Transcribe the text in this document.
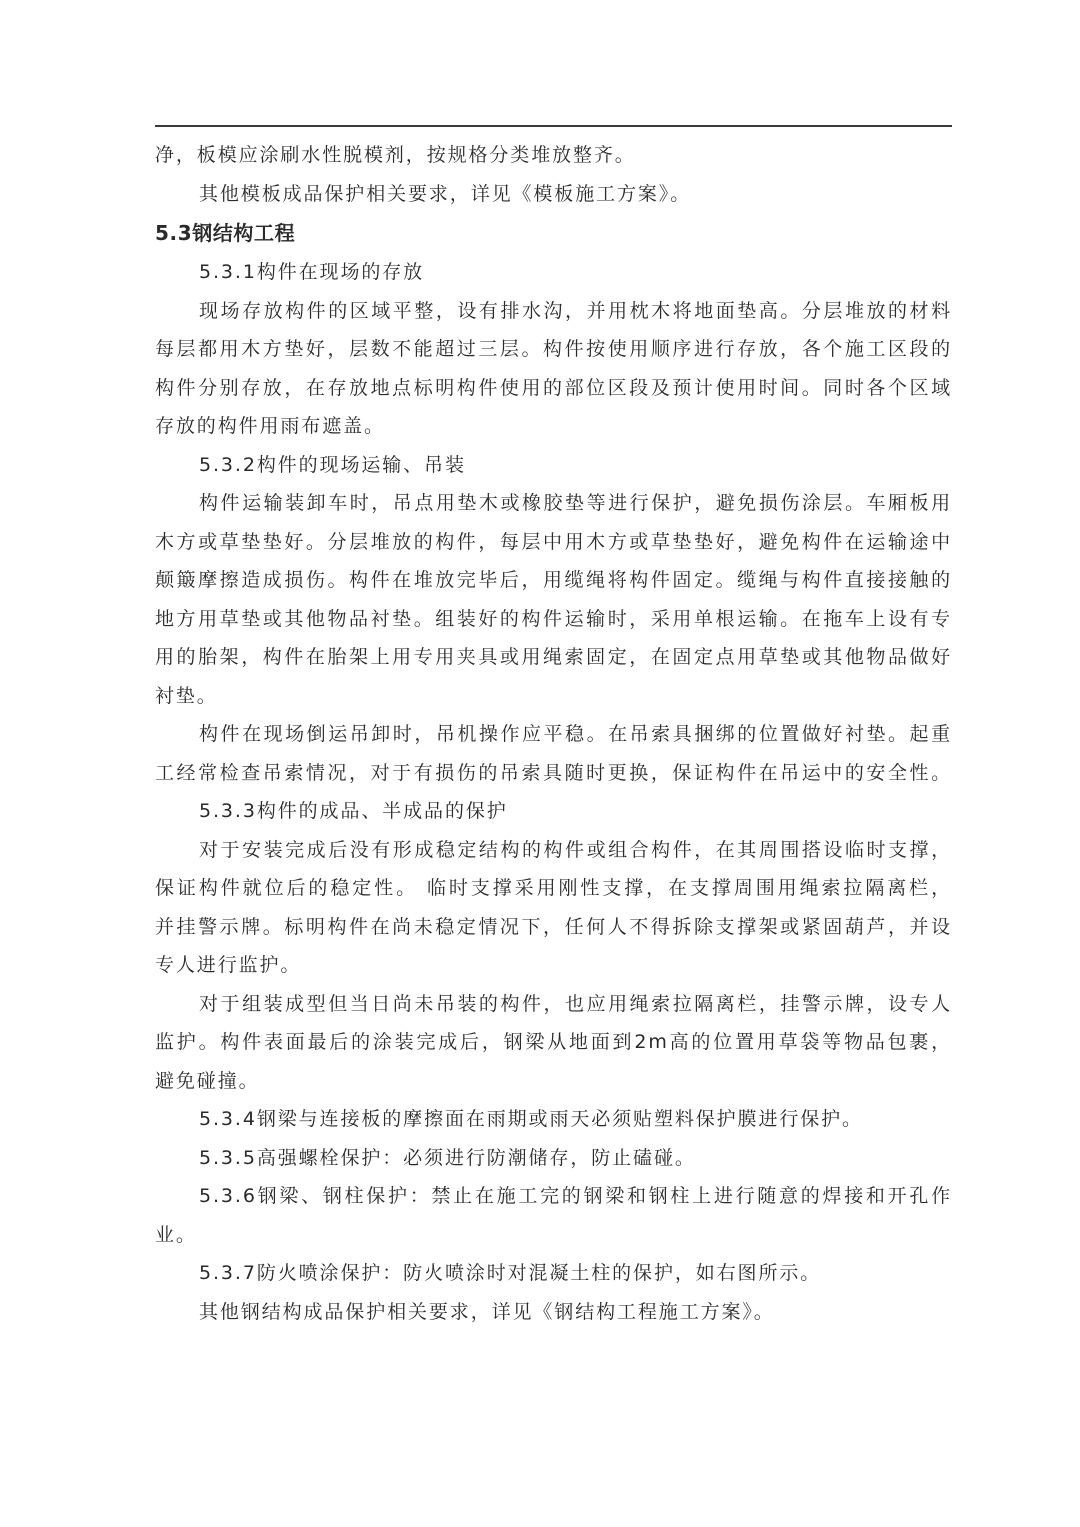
净，板模应涂刷水性脱模剂，按规格分类堆放整齐。
其他模板成品保护相关要求，详见《模板施工方案》。
5.3钢结构工程
5.3.1构件在现场的存放
现场存放构件的区域平整，设有排水沟，并用枕木将地面垫高。分层堆放的材料
每层都用木方垫好，层数不能超过三层。构件按使用顺序进行存放，各个施工区段的
构件分别存放，在存放地点标明构件使用的部位区段及预计使用时间。同时各个区域
存放的构件用雨布遮盖。
5.3.2构件的现场运输、吊装
构件运输装卸车时，吊点用垫木或橡胶垫等进行保护，避免损伤涂层。车厢板用
木方或草垫垫好。分层堆放的构件，每层中用木方或草垫垫好，避免构件在运输途中
颠簸摩擦造成损伤。构件在堆放完毕后，用缆绳将构件固定。缆绳与构件直接接触的
地方用草垫或其他物品衬垫。组装好的构件运输时，采用单根运输。在拖车上设有专
用的胎架，构件在胎架上用专用夹具或用绳索固定，在固定点用草垫或其他物品做好
衬垫。
构件在现场倒运吊卸时，吊机操作应平稳。在吊索具捆绑的位置做好衬垫。起重
工经常检查吊索情况，对于有损伤的吊索具随时更换，保证构件在吊运中的安全性。
5.3.3构件的成品、半成品的保护
对于安装完成后没有形成稳定结构的构件或组合构件，在其周围搭设临时支撑，
保证构件就位后的稳定性。 临时支撑采用刚性支撑，在支撑周围用绳索拉隔离栏，
并挂警示牌。标明构件在尚未稳定情况下，任何人不得拆除支撑架或紧固葫芦，并设
专人进行监护。
对于组装成型但当日尚未吊装的构件，也应用绳索拉隔离栏，挂警示牌，设专人
监护。构件表面最后的涂装完成后，钢梁从地面到2m高的位置用草袋等物品包裹，
避免碰撞。
5.3.4钢梁与连接板的摩擦面在雨期或雨天必须贴塑料保护膜进行保护。
5.3.5高强螺栓保护：必须进行防潮储存，防止磕碰。
5.3.6钢梁、钢柱保护：禁止在施工完的钢梁和钢柱上进行随意的焊接和开孔作
业。
5.3.7防火喷涂保护：防火喷涂时对混凝土柱的保护，如右图所示。
其他钢结构成品保护相关要求，详见《钢结构工程施工方案》。
